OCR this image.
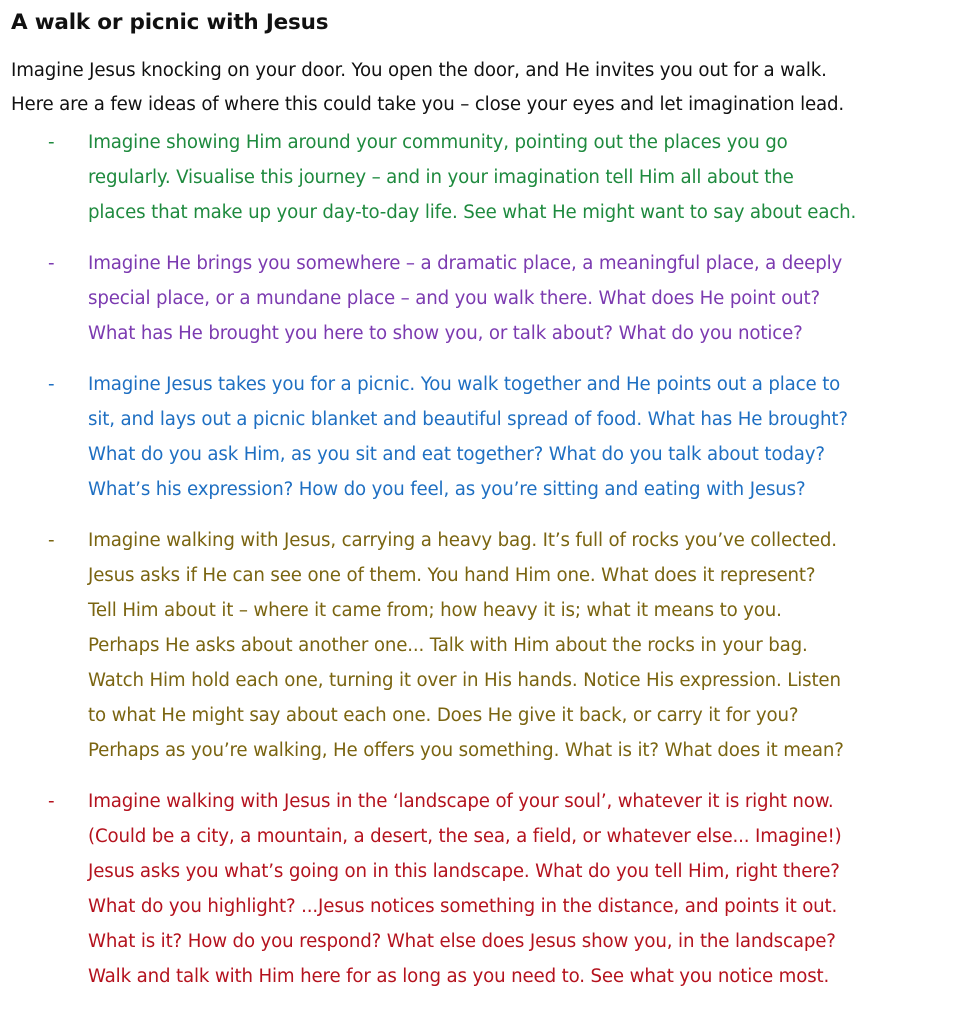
A walk or picnic with Jesus

Imagine Jesus knocking on your door. You open the door, and He invites you out for a walk.
Here are a few ideas of where this could take you – close your eyes and let imagination lead.

- Imagine showing Him around your community, pointing out the places you go
regularly. Visualise this journey – and in your imagination tell Him all about the
places that make up your day-to-day life. See what He might want to say about each.
- Imagine He brings you somewhere – a dramatic place, a meaningful place, a deeply
special place, or a mundane place – and you walk there. What does He point out?
What has He brought you here to show you, or talk about? What do you notice?
- Imagine Jesus takes you for a picnic. You walk together and He points out a place to
sit, and lays out a picnic blanket and beautiful spread of food. What has He brought?
What do you ask Him, as you sit and eat together? What do you talk about today?
What’s his expression? How do you feel, as you’re sitting and eating with Jesus?
- Imagine walking with Jesus, carrying a heavy bag. It’s full of rocks you’ve collected.
Jesus asks if He can see one of them. You hand Him one. What does it represent?
Tell Him about it – where it came from; how heavy it is; what it means to you.
Perhaps He asks about another one... Talk with Him about the rocks in your bag.
Watch Him hold each one, turning it over in His hands. Notice His expression. Listen
to what He might say about each one. Does He give it back, or carry it for you?
Perhaps as you’re walking, He offers you something. What is it? What does it mean?
- Imagine walking with Jesus in the ‘landscape of your soul’, whatever it is right now.
(Could be a city, a mountain, a desert, the sea, a field, or whatever else... Imagine!)
Jesus asks you what’s going on in this landscape. What do you tell Him, right there?
What do you highlight? ...Jesus notices something in the distance, and points it out.
What is it? How do you respond? What else does Jesus show you, in the landscape?
Walk and talk with Him here for as long as you need to. See what you notice most.
